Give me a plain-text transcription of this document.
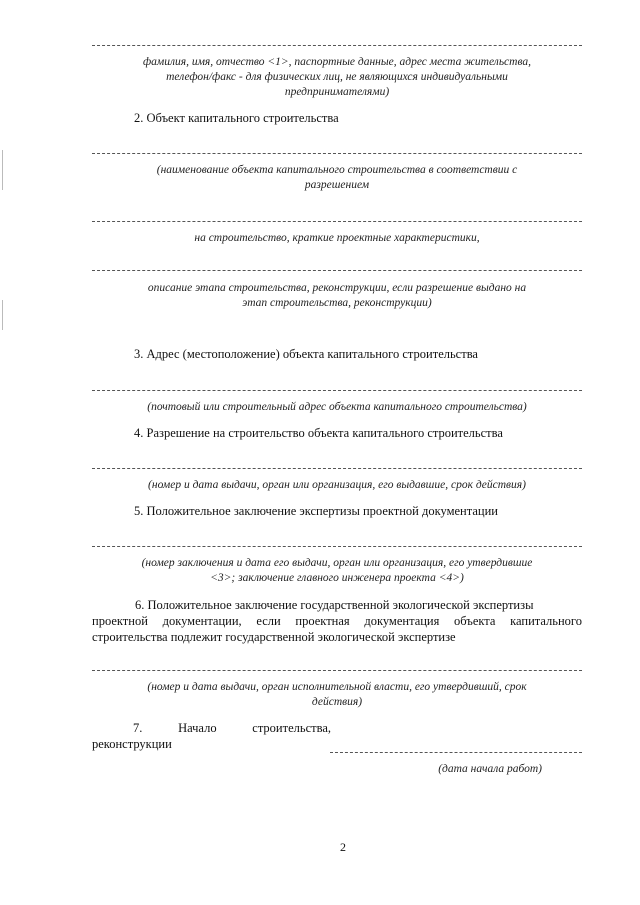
фамилия, имя, отчество <1>, паспортные данные, адрес места жительства,
телефон/факс - для физических лиц, не являющихся индивидуальными
предпринимателями)
2. Объект капитального строительства
(наименование объекта капитального строительства в соответствии с
разрешением
на строительство, краткие проектные характеристики,
описание этапа строительства, реконструкции, если разрешение выдано на
этап строительства, реконструкции)
3. Адрес (местоположение) объекта капитального строительства
(почтовый или строительный адрес объекта капитального строительства)
4. Разрешение на строительство объекта капитального строительства
(номер и дата выдачи, орган или организация, его выдавшие, срок действия)
5. Положительное заключение экспертизы проектной документации
(номер заключения и дата его выдачи, орган или организация, его утвердившие
<3>; заключение главного инженера проекта <4>)
6. Положительное заключение государственной экологической экспертизы
проектной документации, если проектная документация объекта капитального
строительства подлежит государственной экологической экспертизе
(номер и дата выдачи, орган исполнительной власти, его утвердивший, срок
действия)
7.	Начало	строительства,
реконструкции
(дата начала работ)
2
